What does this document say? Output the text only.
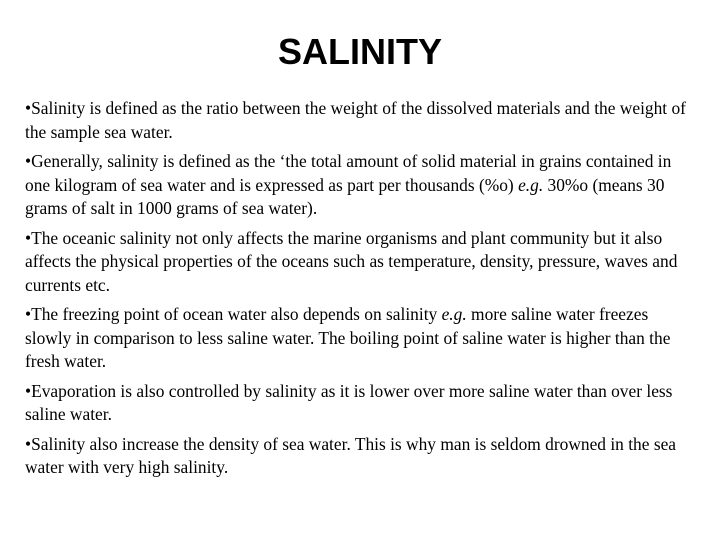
SALINITY
•Salinity is defined as the ratio between the weight of the dissolved materials and the weight of the sample sea water.
•Generally, salinity is defined as the ‘the total amount of solid material in grains contained in one kilogram of sea water and is expressed as part per thousands (%o) e.g. 30%o (means 30 grams of salt in 1000 grams of sea water).
•The oceanic salinity not only affects the marine organisms and plant community but it also affects the physical properties of the oceans such as temperature, density, pressure, waves and currents etc.
•The freezing point of ocean water also depends on salinity e.g. more saline water freezes slowly in comparison to less saline water. The boiling point of saline water is higher than the fresh water.
•Evaporation is also controlled by salinity as it is lower over more saline water than over less saline water.
•Salinity also increase the density of sea water. This is why man is seldom drowned in the sea water with very high salinity.
